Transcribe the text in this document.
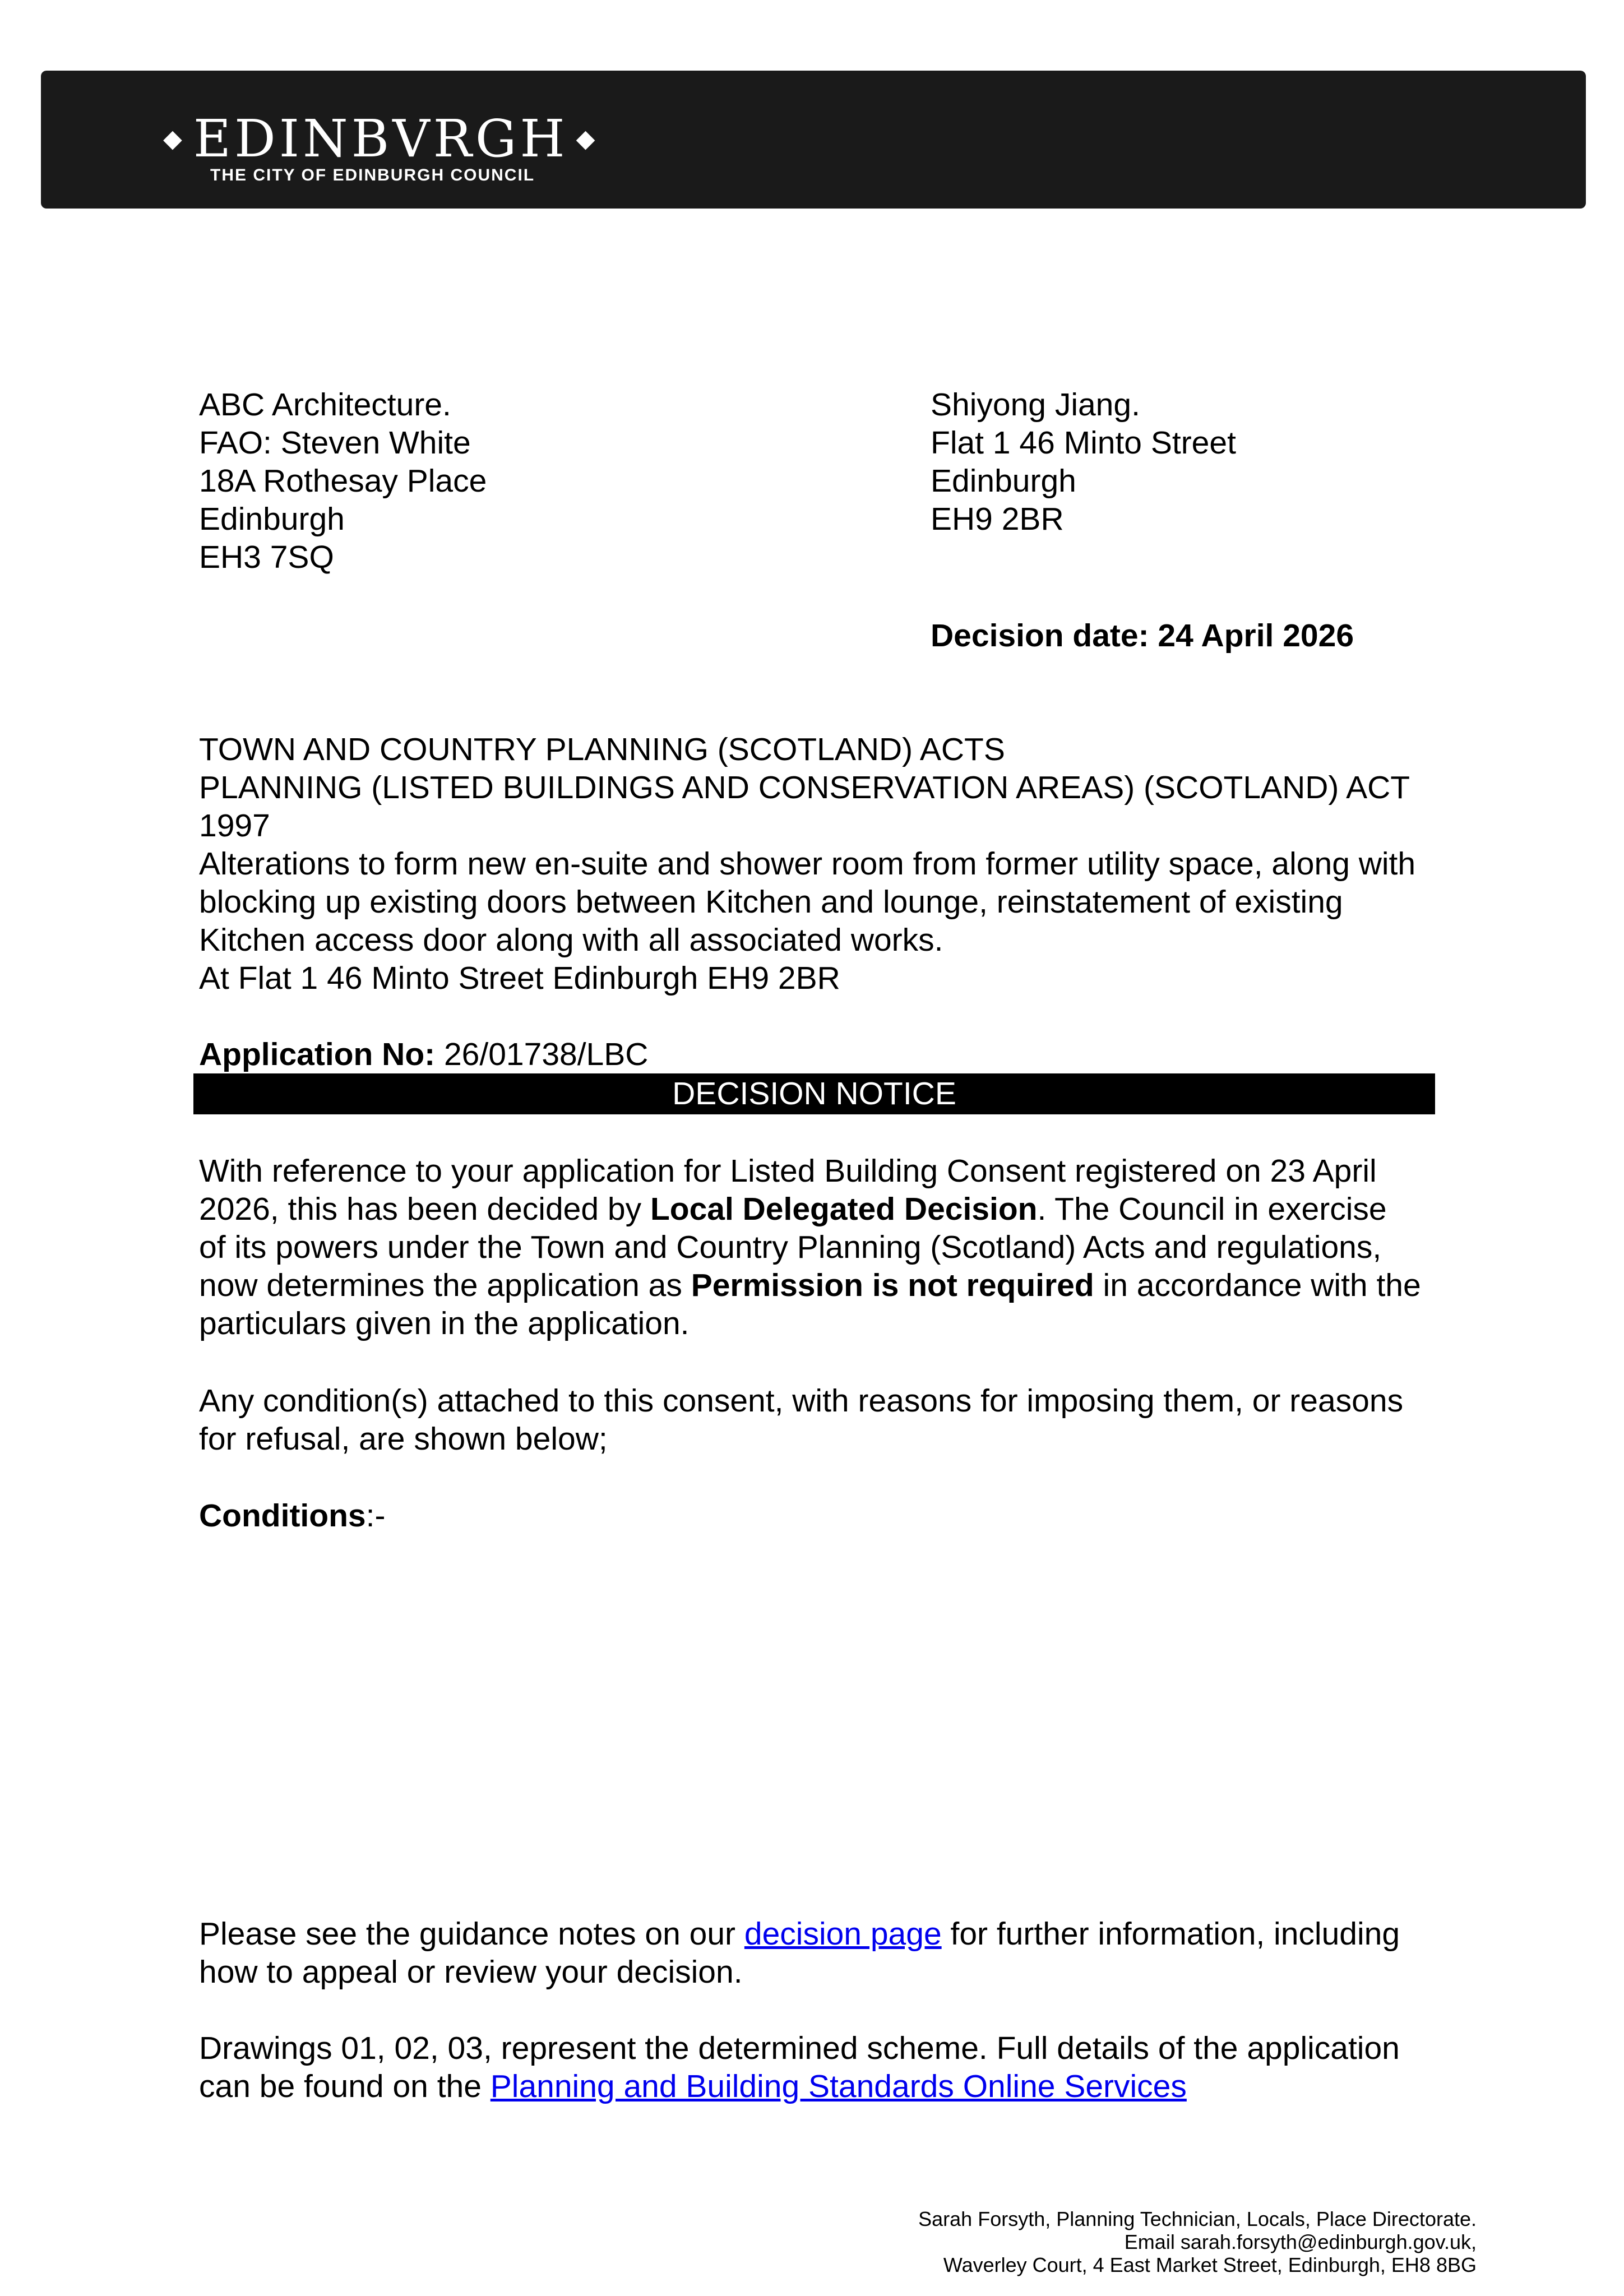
◆ EDINBVRGH ◆
THE CITY OF EDINBURGH COUNCIL
ABC Architecture.
FAO: Steven White
18A Rothesay Place
Edinburgh
EH3 7SQ
Shiyong Jiang.
Flat 1 46 Minto Street
Edinburgh
EH9 2BR
Decision date: 24 April 2026
TOWN AND COUNTRY PLANNING (SCOTLAND) ACTS
PLANNING (LISTED BUILDINGS AND CONSERVATION AREAS) (SCOTLAND) ACT
1997
Alterations to form new en-suite and shower room from former utility space, along with
blocking up existing doors between Kitchen and lounge, reinstatement of existing
Kitchen access door along with all associated works.
At Flat 1 46 Minto Street Edinburgh EH9 2BR
Application No: 26/01738/LBC
DECISION NOTICE
With reference to your application for Listed Building Consent registered on 23 April
2026, this has been decided by Local Delegated Decision. The Council in exercise
of its powers under the Town and Country Planning (Scotland) Acts and regulations,
now determines the application as Permission is not required in accordance with the
particulars given in the application.
Any condition(s) attached to this consent, with reasons for imposing them, or reasons
for refusal, are shown below;
Conditions:-
Please see the guidance notes on our decision page for further information, including
how to appeal or review your decision.
Drawings 01, 02, 03, represent the determined scheme. Full details of the application
can be found on the Planning and Building Standards Online Services
Sarah Forsyth, Planning Technician, Locals, Place Directorate.
Email sarah.forsyth@edinburgh.gov.uk,
Waverley Court, 4 East Market Street, Edinburgh, EH8 8BG
